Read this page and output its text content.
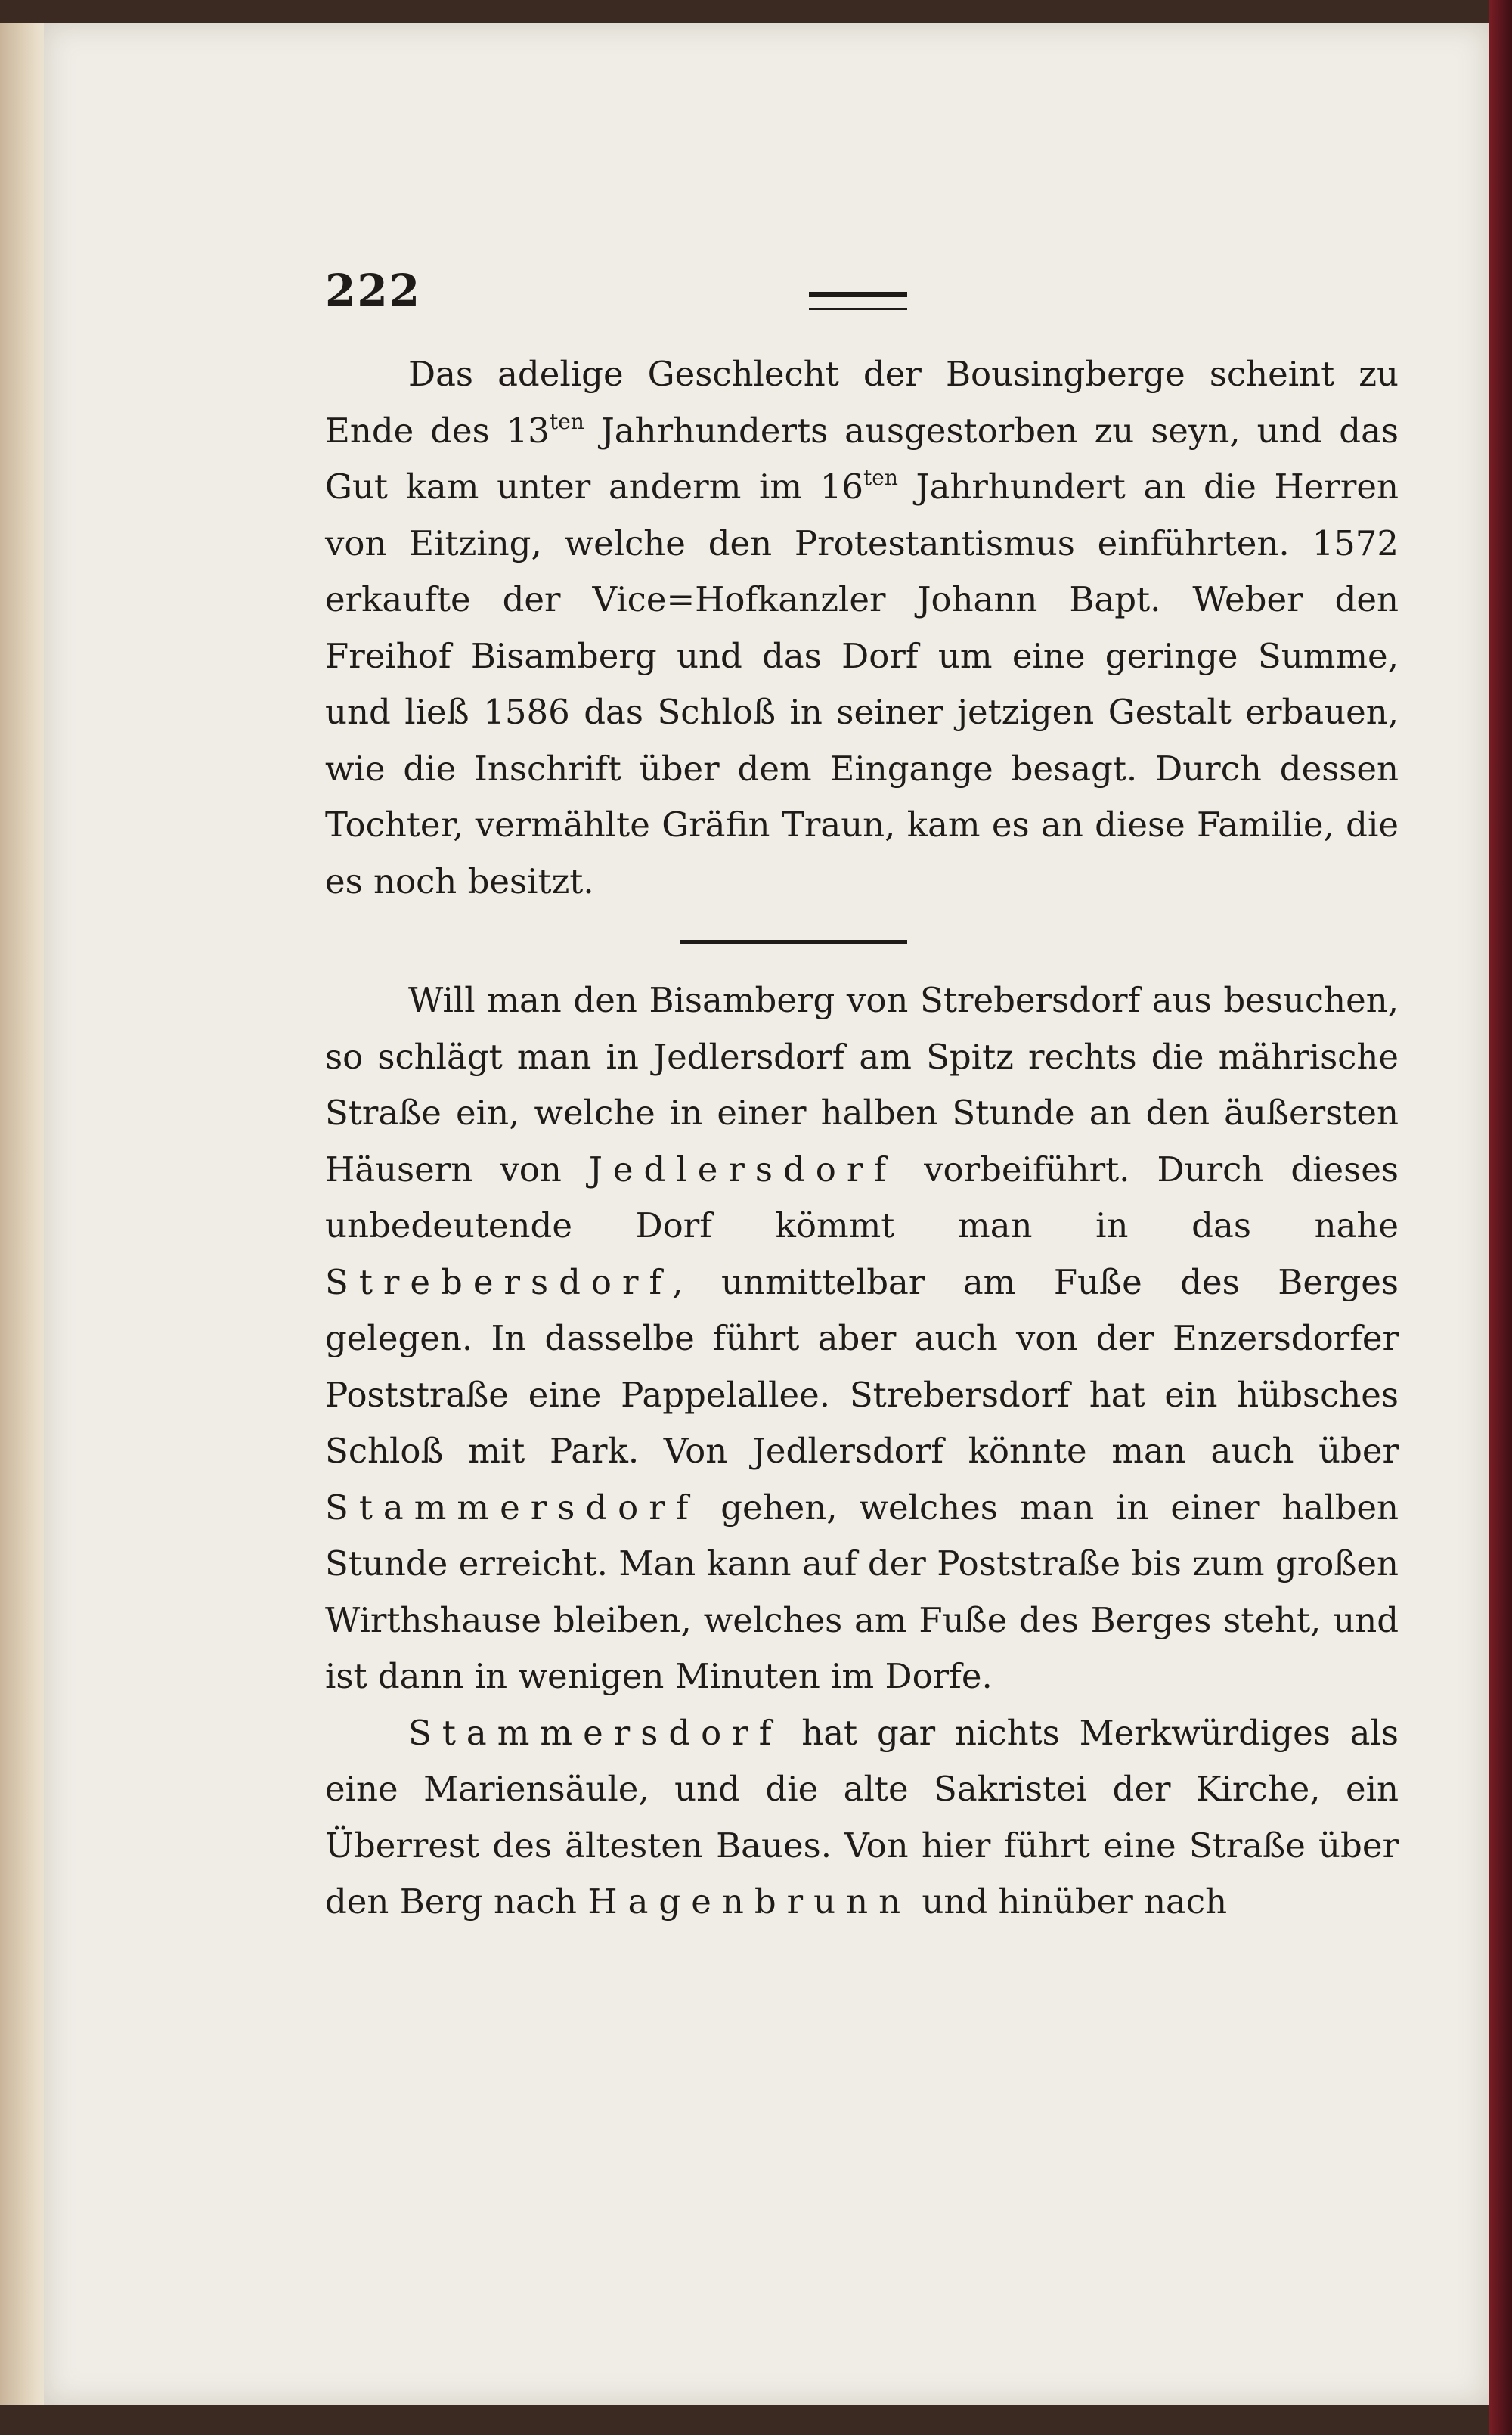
222

Das adelige Geschlecht der Bousingberge scheint zu Ende des $13^{ten}$ Jahrhunderts ausgestorben zu seyn, und das Gut kam unter anderm im $16^{ten}$ Jahrhundert an die Herren von Eitzing, welche den Protestantismus einführten. 1572 erkaufte der Vice=Hofkanzler Johann Bapt. Weber den Freihof Bisamberg und das Dorf um eine geringe Summe, und ließ 1586 das Schloß in seiner jetzigen Gestalt erbauen, wie die Inschrift über dem Eingange besagt. Durch dessen Tochter, vermählte Gräfin Traun, kam es an diese Familie, die es noch besitzt.

Will man den Bisamberg von Strebersdorf aus besuchen, so schlägt man in Jedlersdorf am Spitz rechts die mährische Straße ein, welche in einer halben Stunde an den äußersten Häusern von Jedlersdorf vorbeiführt. Durch dieses unbedeutende Dorf kömmt man in das nahe Strebersdorf, unmittelbar am Fuße des Berges gelegen. In dasselbe führt aber auch von der Enzersdorfer Poststraße eine Pappelallee. Strebersdorf hat ein hübsches Schloß mit Park. Von Jedlersdorf könnte man auch über Stammersdorf gehen, welches man in einer halben Stunde erreicht. Man kann auf der Poststraße bis zum großen Wirthshause bleiben, welches am Fuße des Berges steht, und ist dann in wenigen Minuten im Dorfe.

Stammersdorf hat gar nichts Merkwürdiges als eine Mariensäule, und die alte Sakristei der Kirche, ein Überrest des ältesten Baues. Von hier führt eine Straße über den Berg nach Hagenbrunn und hinüber nach
